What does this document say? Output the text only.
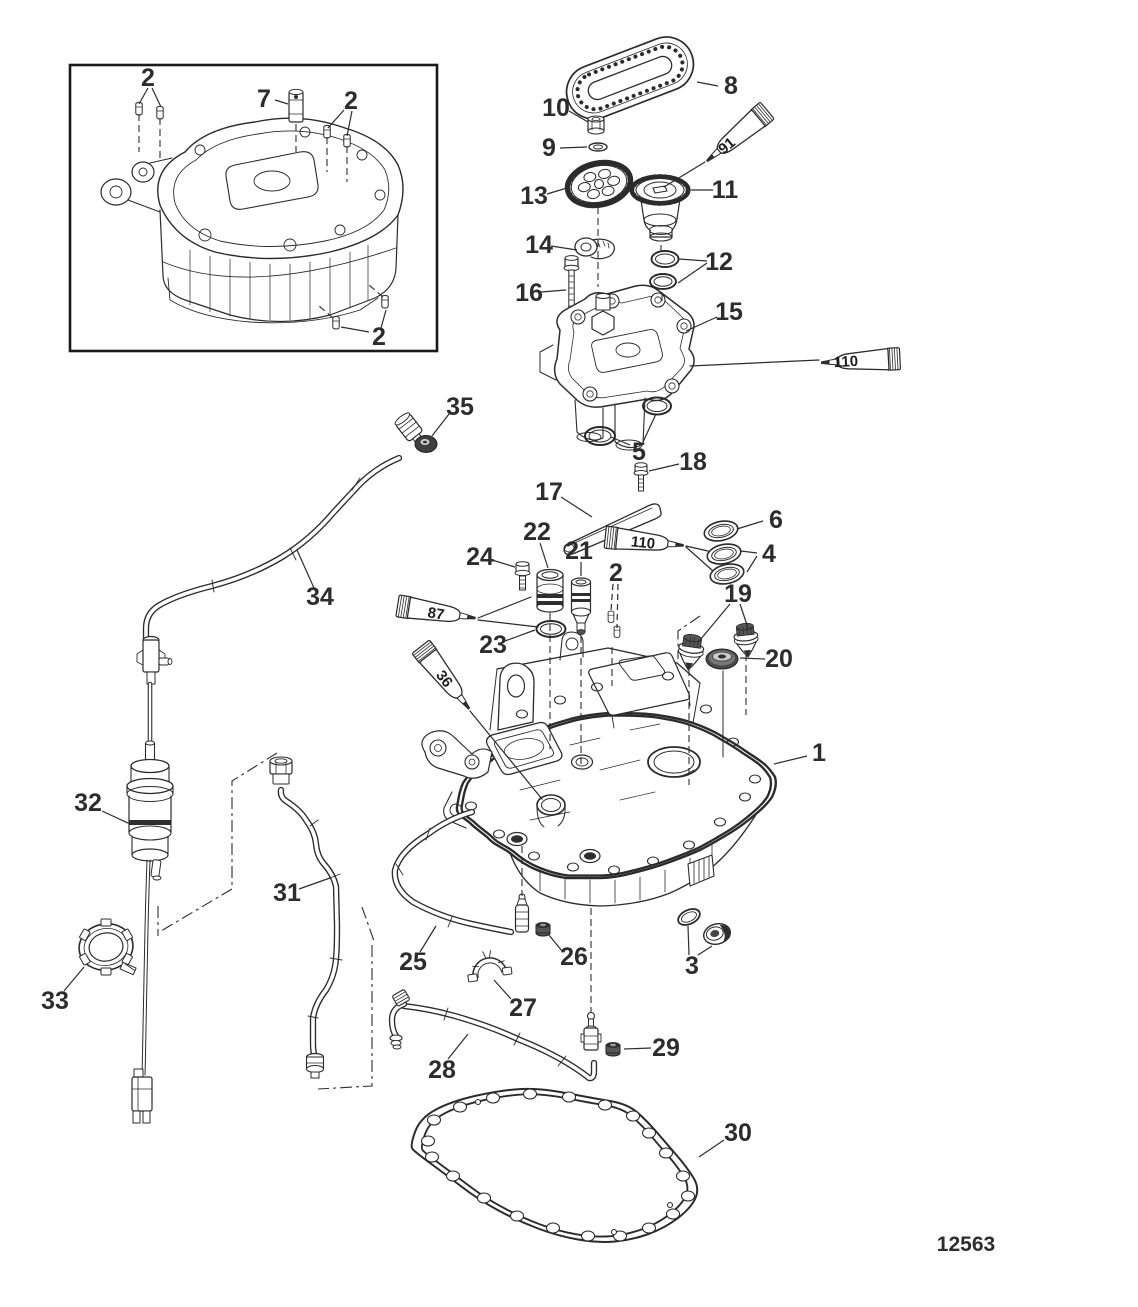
91
110
110
87
36
2
7	2
2
8
10
9
13	11
12
14
16
15
5 18
17
22
21
6
4
24
2
23
19
20
1
3
25	26
27
28
29
30
31
32
33
34
35
12563
